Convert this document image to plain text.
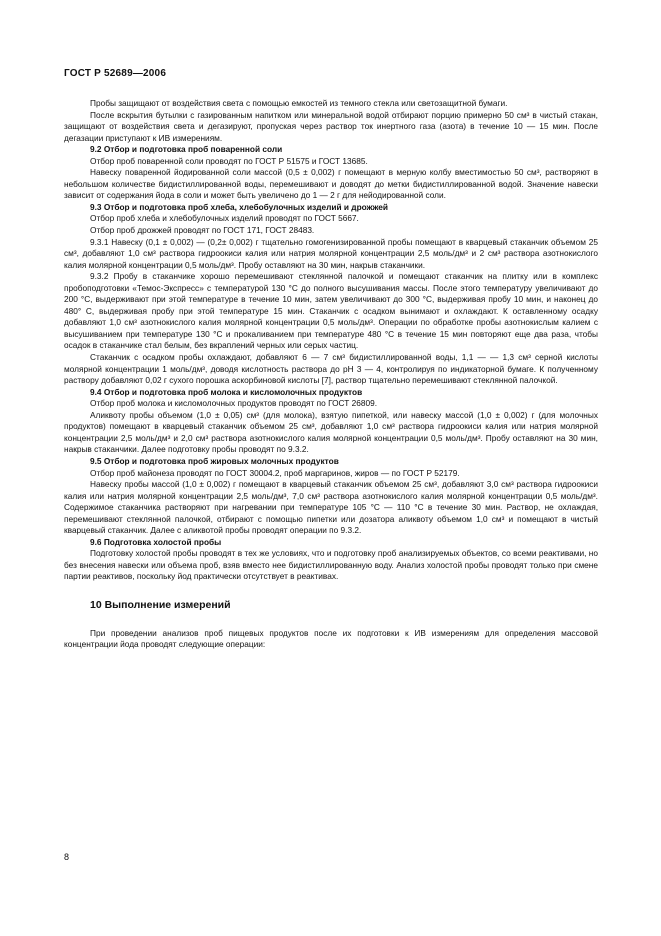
ГОСТ Р 52689—2006

Пробы защищают от воздействия света с помощью емкостей из темного стекла или светозащитной бумаги.

После вскрытия бутылки с газированным напитком или минеральной водой отбирают порцию примерно 50 см³ в чистый стакан, защищают от воздействия света и дегазируют, пропуская через раствор ток инертного газа (азота) в течение 10 — 15 мин. После дегазации приступают к ИВ измерениям.

9.2 Отбор и подготовка проб поваренной соли

Отбор проб поваренной соли проводят по ГОСТ Р 51575 и ГОСТ 13685.

Навеску поваренной йодированной соли массой (0,5 ± 0,002) г помещают в мерную колбу вместимостью 50 см³, растворяют в небольшом количестве бидистиллированной воды, перемешивают и доводят до метки бидистиллированной водой. Значение навески зависит от содержания йода в соли и может быть увеличено до 1 — 2 г для нейодированной соли.

9.3 Отбор и подготовка проб хлеба, хлебобулочных изделий и дрожжей

Отбор проб хлеба и хлебобулочных изделий проводят по ГОСТ 5667.

Отбор проб дрожжей проводят по ГОСТ 171, ГОСТ 28483.

9.3.1 Навеску (0,1 ± 0,002) — (0,2± 0,002) г тщательно гомогенизированной пробы помещают в кварцевый стаканчик объемом 25 см³, добавляют 1,0 см³ раствора гидроокиси калия или натрия молярной концентрации 2,5 моль/дм³ и 2 см³ раствора азотнокислого калия молярной концентрации 0,5 моль/дм³. Пробу оставляют на 30 мин, накрыв стаканчики.

9.3.2 Пробу в стаканчике хорошо перемешивают стеклянной палочкой и помещают стаканчик на плитку или в комплекс пробоподготовки «Темос-Экспресс» с температурой 130 °С до полного высушивания массы. После этого температуру увеличивают до 200 °С, выдерживают при этой температуре в течение 10 мин, затем увеличивают до 300 °С, выдерживая пробу 10 мин, и наконец до 480° С, выдерживая пробу при этой температуре 15 мин. Стаканчик с осадком вынимают и охлаждают. К оставленному осадку добавляют 1,0 см³ азотнокислого калия молярной концентрации 0,5 моль/дм³. Операции по обработке пробы азотнокислым калием с высушиванием при температуре 130 °С и прокаливанием при температуре 480 °С в течение 15 мин повторяют еще два раза, чтобы осадок в стаканчике стал белым, без вкраплений черных или серых частиц.

Стаканчик с осадком пробы охлаждают, добавляют 6 — 7 см³ бидистиллированной воды, 1,1 — — 1,3 см³ серной кислоты молярной концентрации 1 моль/дм³, доводя кислотность раствора до рН 3 — 4, контролируя по индикаторной бумаге. К полученному раствору добавляют 0,02 г сухого порошка аскорбиновой кислоты [7], раствор тщательно перемешивают стеклянной палочкой.

9.4 Отбор и подготовка проб молока и кисломолочных продуктов

Отбор проб молока и кисломолочных продуктов проводят по ГОСТ 26809.

Аликвоту пробы объемом (1,0 ± 0,05) см³ (для молока), взятую пипеткой, или навеску массой (1,0 ± 0,002) г (для молочных продуктов) помещают в кварцевый стаканчик объемом 25 см³, добавляют 1,0 см³ раствора гидроокиси калия или натрия молярной концентрации 2,5 моль/дм³ и 2,0 см³ раствора азотнокислого калия молярной концентрации 0,5 моль/дм³. Пробу оставляют на 30 мин, накрыв стаканчики. Далее подготовку пробы проводят по 9.3.2.

9.5 Отбор и подготовка проб жировых молочных продуктов

Отбор проб майонеза проводят по ГОСТ 30004.2, проб маргаринов, жиров — по ГОСТ Р 52179.

Навеску пробы массой (1,0 ± 0,002) г помещают в кварцевый стаканчик объемом 25 см³, добавляют 3,0 см³ раствора гидроокиси калия или натрия молярной концентрации 2,5 моль/дм³, 7,0 см³ раствора азотнокислого калия молярной концентрации 0,5 моль/дм³. Содержимое стаканчика растворяют при нагревании при температуре 105 °С — 110 °С в течение 30 мин. Раствор, не охлаждая, перемешивают стеклянной палочкой, отбирают с помощью пипетки или дозатора аликвоту объемом 1,0 см³ и помещают в чистый кварцевый стаканчик. Далее с аликвотой пробы проводят операции по 9.3.2.

9.6 Подготовка холостой пробы

Подготовку холостой пробы проводят в тех же условиях, что и подготовку проб анализируемых объектов, со всеми реактивами, но без внесения навески или объема проб, взяв вместо нее бидистиллированную воду. Анализ холостой пробы проводят только при смене партии реактивов, поскольку йод практически отсутствует в реактивах.

10 Выполнение измерений

При проведении анализов проб пищевых продуктов после их подготовки к ИВ измерениям для определения массовой концентрации йода проводят следующие операции:

8
